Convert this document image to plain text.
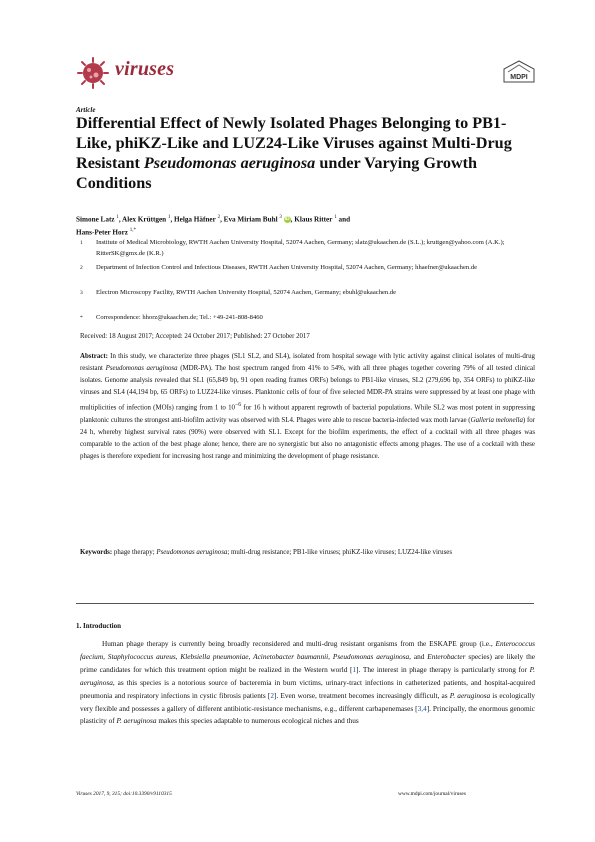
viruses	MDPI
Article
Differential Effect of Newly Isolated Phages Belonging to PB1-Like, phiKZ-Like and LUZ24-Like Viruses against Multi-Drug Resistant Pseudomonas aeruginosa under Varying Growth Conditions
Simone Latz $^1$, Alex Krüttgen $^1$, Helga Häfner $^2$, Eva Miriam Buhl $^3$ iD, Klaus Ritter $^1$ and
Hans-Peter Horz $^{1,*}$
1 Institute of Medical Microbiology, RWTH Aachen University Hospital, 52074 Aachen, Germany; slatz@ukaachen.de (S.L.); kruttgen@yahoo.com (A.K.); RitterSK@gmx.de (K.R.)
2 Department of Infection Control and Infectious Diseases, RWTH Aachen University Hospital, 52074 Aachen, Germany; hhaefner@ukaachen.de
3 Electron Microscopy Facility, RWTH Aachen University Hospital, 52074 Aachen, Germany; ebuhl@ukaachen.de
* Correspondence: hhorz@ukaachen.de; Tel.: +49-241-808-8460
Received: 18 August 2017; Accepted: 24 October 2017; Published: 27 October 2017
Abstract: In this study, we characterize three phages (SL1 SL2, and SL4), isolated from hospital sewage with lytic activity against clinical isolates of multi-drug resistant Pseudomonas aeruginosa (MDR-PA). The host spectrum ranged from 41% to 54%, with all three phages together covering 79% of all tested clinical isolates. Genome analysis revealed that SL1 (65,849 bp, 91 open reading frames ORFs) belongs to PB1-like viruses, SL2 (279,696 bp, 354 ORFs) to phiKZ-like viruses and SL4 (44,194 bp, 65 ORFs) to LUZ24-like viruses. Planktonic cells of four of five selected MDR-PA strains were suppressed by at least one phage with multiplicities of infection (MOIs) ranging from 1 to $10^{-6}$ for 16 h without apparent regrowth of bacterial populations. While SL2 was most potent in suppressing planktonic cultures the strongest anti-biofilm activity was observed with SL4. Phages were able to rescue bacteria-infected wax moth larvae (Galleria melonella) for 24 h, whereby highest survival rates (90%) were observed with SL1. Except for the biofilm experiments, the effect of a cocktail with all three phages was comparable to the action of the best phage alone; hence, there are no synergistic but also no antagonistic effects among phages. The use of a cocktail with these phages is therefore expedient for increasing host range and minimizing the development of phage resistance.
Keywords: phage therapy; Pseudomonas aeruginosa; multi-drug resistance; PB1-like viruses; phiKZ-like viruses; LUZ24-like viruses
1. Introduction
Human phage therapy is currently being broadly reconsidered and multi-drug resistant organisms from the ESKAPE group (i.e., Enterococcus faecium, Staphylococcus aureus, Klebsiella pneumoniae, Acinetobacter baumannii, Pseudomonas aeruginosa, and Enterobacter species) are likely the prime candidates for which this treatment option might be realized in the Western world [1]. The interest in phage therapy is particularly strong for P. aeruginosa, as this species is a notorious source of bacteremia in burn victims, urinary-tract infections in catheterized patients, and hospital-acquired pneumonia and respiratory infections in cystic fibrosis patients [2]. Even worse, treatment becomes increasingly difficult, as P. aeruginosa is ecologically very flexible and possesses a gallery of different antibiotic-resistance mechanisms, e.g., different carbapenemases [3,4]. Principally, the enormous genomic plasticity of P. aeruginosa makes this species adaptable to numerous ecological niches and thus
Viruses 2017, 9, 315; doi:10.3390/v9110315	www.mdpi.com/journal/viruses
